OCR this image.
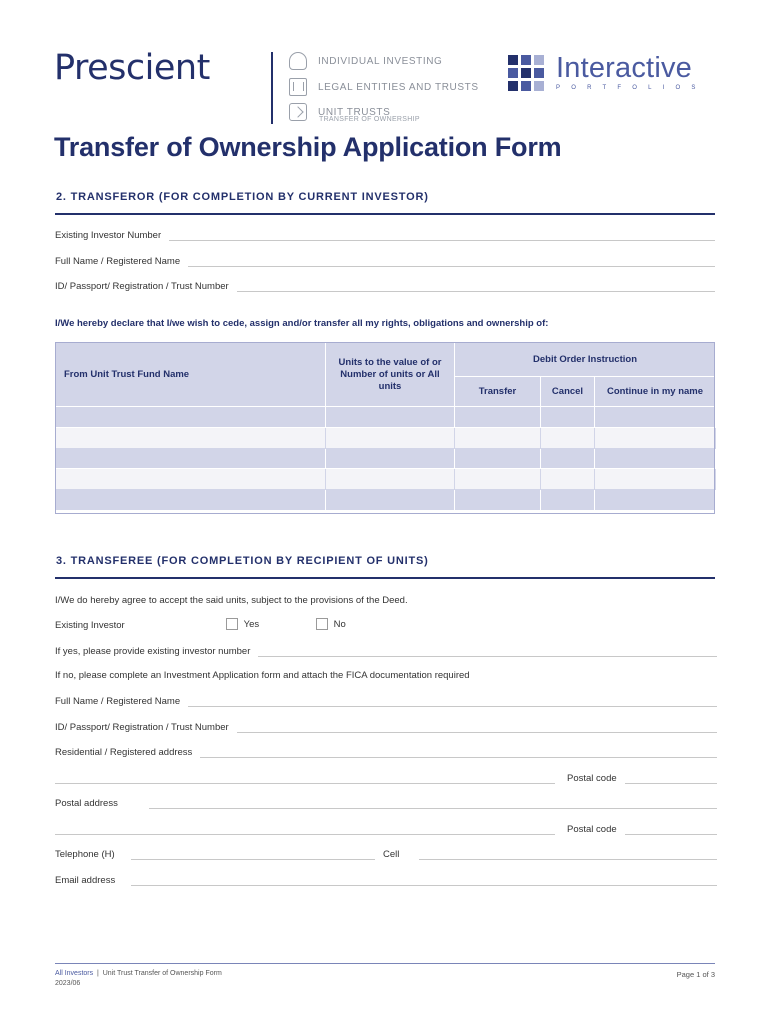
Prescient	INDIVIDUAL INVESTING
LEGAL ENTITIES AND TRUSTS
UNIT TRUSTS
TRANSFER OF OWNERSHIP
Interactive
PORTFOLIOS
Transfer of Ownership Application Form
2. TRANSFEROR (FOR COMPLETION BY CURRENT INVESTOR)
Existing Investor Number
Full Name / Registered Name
ID/ Passport/ Registration / Trust Number
I/We hereby declare that I/we wish to cede, assign and/or transfer all my rights, obligations and ownership of:
From Unit Trust Fund Name	Units to the value of or Number of units or All units	Debit Order Instruction		
		Transfer	Cancel	Continue in my name

3. TRANSFEREE (FOR COMPLETION BY RECIPIENT OF UNITS)
I/We do hereby agree to accept the said units, subject to the provisions of the Deed.
Existing Investor	Yes	No
If yes, please provide existing investor number
If no, please complete an Investment Application form and attach the FICA documentation required
Full Name / Registered Name
ID/ Passport/ Registration / Trust Number
Residential / Registered address
Postal code
Postal address
Postal code
Telephone (H)	Cell
Email address
All Investors  |  Unit Trust Transfer of Ownership Form
2023/06
Page 1 of 3
